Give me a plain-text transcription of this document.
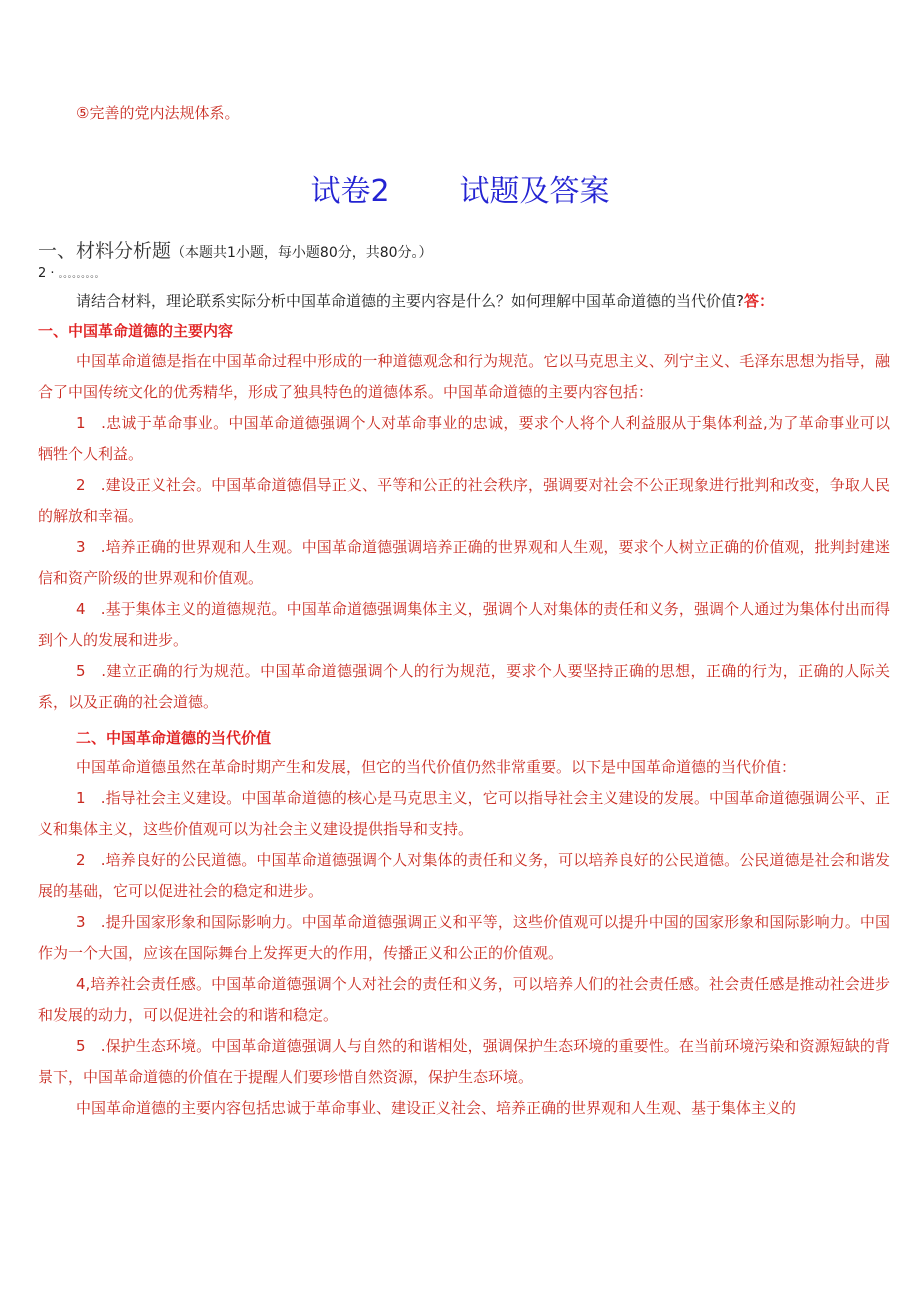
⑤完善的党内法规体系。

试卷2 试题及答案

一、材料分析题（本题共1小题，每小题80分，共80分。）

2 · 。。。。。。。。。

请结合材料，理论联系实际分析中国革命道德的主要内容是什么？如何理解中国革命道德的当代价值?答：

一、中国革命道德的主要内容

中国革命道德是指在中国革命过程中形成的一种道德观念和行为规范。它以马克思主义、列宁主义、毛泽东思想为指导，融合了中国传统文化的优秀精华，形成了独具特色的道德体系。中国革命道德的主要内容包括：

1　.忠诚于革命事业。中国革命道德强调个人对革命事业的忠诚，要求个人将个人利益服从于集体利益,为了革命事业可以牺牲个人利益。

2　.建设正义社会。中国革命道德倡导正义、平等和公正的社会秩序，强调要对社会不公正现象进行批判和改变，争取人民的解放和幸福。

3　.培养正确的世界观和人生观。中国革命道德强调培养正确的世界观和人生观，要求个人树立正确的价值观，批判封建迷信和资产阶级的世界观和价值观。

4　.基于集体主义的道德规范。中国革命道德强调集体主义，强调个人对集体的责任和义务，强调个人通过为集体付出而得到个人的发展和进步。

5　.建立正确的行为规范。中国革命道德强调个人的行为规范，要求个人要坚持正确的思想，正确的行为，正确的人际关系，以及正确的社会道德。

二、中国革命道德的当代价值

中国革命道德虽然在革命时期产生和发展，但它的当代价值仍然非常重要。以下是中国革命道德的当代价值：

1　.指导社会主义建设。中国革命道德的核心是马克思主义，它可以指导社会主义建设的发展。中国革命道德强调公平、正义和集体主义，这些价值观可以为社会主义建设提供指导和支持。

2　.培养良好的公民道德。中国革命道德强调个人对集体的责任和义务，可以培养良好的公民道德。公民道德是社会和谐发展的基础，它可以促进社会的稳定和进步。

3　.提升国家形象和国际影响力。中国革命道德强调正义和平等，这些价值观可以提升中国的国家形象和国际影响力。中国作为一个大国，应该在国际舞台上发挥更大的作用，传播正义和公正的价值观。

4,培养社会责任感。中国革命道德强调个人对社会的责任和义务，可以培养人们的社会责任感。社会责任感是推动社会进步和发展的动力，可以促进社会的和谐和稳定。

5　.保护生态环境。中国革命道德强调人与自然的和谐相处，强调保护生态环境的重要性。在当前环境污染和资源短缺的背景下，中国革命道德的价值在于提醒人们要珍惜自然资源，保护生态环境。

中国革命道德的主要内容包括忠诚于革命事业、建设正义社会、培养正确的世界观和人生观、基于集体主义的
